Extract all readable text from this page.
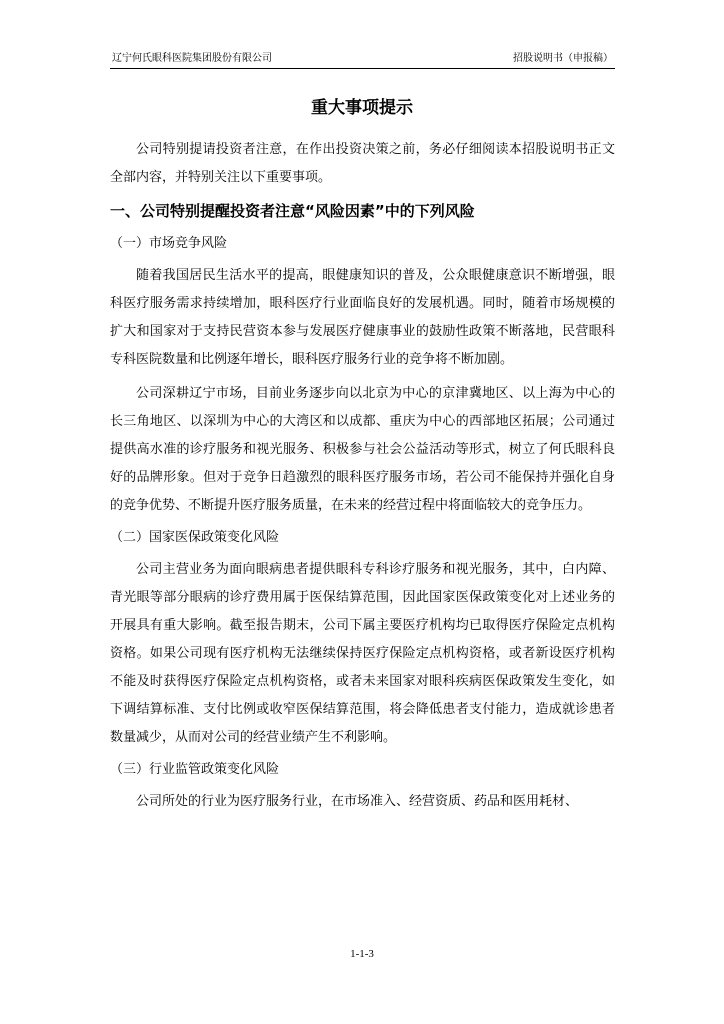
辽宁何氏眼科医院集团股份有限公司	招股说明书（申报稿）
重大事项提示

公司特别提请投资者注意，在作出投资决策之前，务必仔细阅读本招股说明书正文全部内容，并特别关注以下重要事项。

一、公司特别提醒投资者注意“风险因素”中的下列风险
（一）市场竞争风险

随着我国居民生活水平的提高，眼健康知识的普及，公众眼健康意识不断增强，眼科医疗服务需求持续增加，眼科医疗行业面临良好的发展机遇。同时，随着市场规模的扩大和国家对于支持民营资本参与发展医疗健康事业的鼓励性政策不断落地，民营眼科专科医院数量和比例逐年增长，眼科医疗服务行业的竞争将不断加剧。

公司深耕辽宁市场，目前业务逐步向以北京为中心的京津冀地区、以上海为中心的长三角地区、以深圳为中心的大湾区和以成都、重庆为中心的西部地区拓展；公司通过提供高水准的诊疗服务和视光服务、积极参与社会公益活动等形式，树立了何氏眼科良好的品牌形象。但对于竞争日趋激烈的眼科医疗服务市场，若公司不能保持并强化自身的竞争优势、不断提升医疗服务质量，在未来的经营过程中将面临较大的竞争压力。

（二）国家医保政策变化风险

公司主营业务为面向眼病患者提供眼科专科诊疗服务和视光服务，其中，白内障、青光眼等部分眼病的诊疗费用属于医保结算范围，因此国家医保政策变化对上述业务的开展具有重大影响。截至报告期末，公司下属主要医疗机构均已取得医疗保险定点机构资格。如果公司现有医疗机构无法继续保持医疗保险定点机构资格，或者新设医疗机构不能及时获得医疗保险定点机构资格，或者未来国家对眼科疾病医保政策发生变化，如下调结算标准、支付比例或收窄医保结算范围，将会降低患者支付能力，造成就诊患者数量减少，从而对公司的经营业绩产生不利影响。

（三）行业监管政策变化风险

公司所处的行业为医疗服务行业，在市场准入、经营资质、药品和医用耗材、

1-1-3
